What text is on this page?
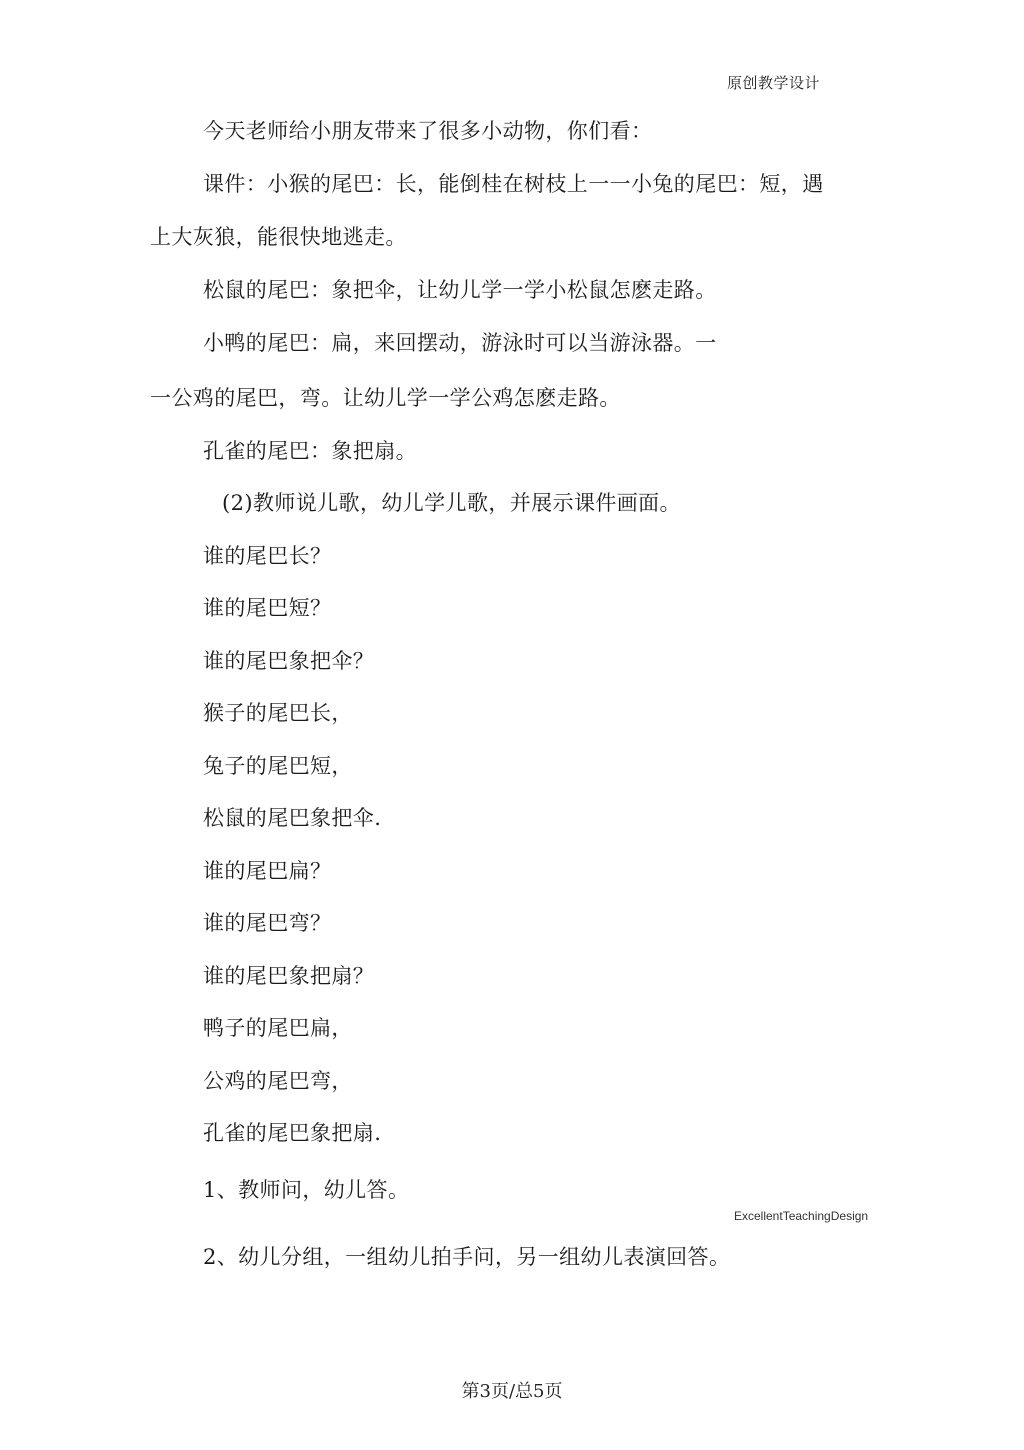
原创教学设计
今天老师给小朋友带来了很多小动物，你们看：
课件：小猴的尾巴：长，能倒桂在树枝上一一小兔的尾巴：短，遇
上大灰狼，能很快地逃走。
松鼠的尾巴：象把伞，让幼儿学一学小松鼠怎麽走路。
小鸭的尾巴：扁，来回摆动，游泳时可以当游泳器。一
一公鸡的尾巴，弯。让幼儿学一学公鸡怎麽走路。
孔雀的尾巴：象把扇。
(2)教师说儿歌，幼儿学儿歌，并展示课件画面。
谁的尾巴长？
谁的尾巴短？
谁的尾巴象把伞？
猴子的尾巴长，
兔子的尾巴短，
松鼠的尾巴象把伞.
谁的尾巴扁？
谁的尾巴弯？
谁的尾巴象把扇？
鸭子的尾巴扁，
公鸡的尾巴弯，
孔雀的尾巴象把扇.
1、教师问，幼儿答。
ExcellentTeachingDesign
2、幼儿分组，一组幼儿拍手问，另一组幼儿表演回答。
第3页/总5页
